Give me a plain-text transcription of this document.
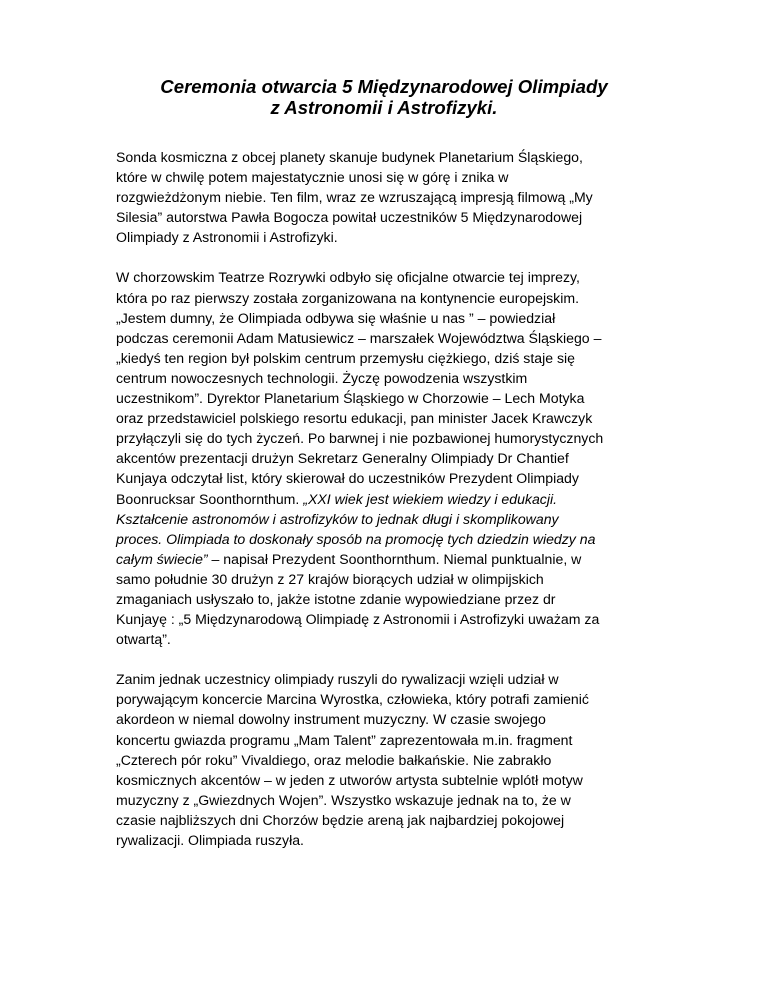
Ceremonia otwarcia 5 Międzynarodowej Olimpiady
z Astronomii i Astrofizyki.

Sonda kosmiczna z obcej planety skanuje budynek Planetarium Śląskiego,
które w chwilę potem majestatycznie unosi się w górę i znika w
rozgwieżdżonym niebie. Ten film, wraz ze wzruszającą impresją filmową „My
Silesia” autorstwa Pawła Bogocza powitał uczestników 5 Międzynarodowej
Olimpiady z Astronomii i Astrofizyki.

W chorzowskim Teatrze Rozrywki odbyło się oficjalne otwarcie tej imprezy,
która po raz pierwszy została zorganizowana na kontynencie europejskim.
„Jestem dumny, że Olimpiada odbywa się właśnie u nas ” – powiedział
podczas ceremonii Adam Matusiewicz – marszałek Województwa Śląskiego –
„kiedyś ten region był polskim centrum przemysłu ciężkiego, dziś staje się
centrum nowoczesnych technologii. Życzę powodzenia wszystkim
uczestnikom”. Dyrektor Planetarium Śląskiego w Chorzowie – Lech Motyka
oraz przedstawiciel polskiego resortu edukacji, pan minister Jacek Krawczyk
przyłączyli się do tych życzeń. Po barwnej i nie pozbawionej humorystycznych
akcentów prezentacji drużyn Sekretarz Generalny Olimpiady Dr Chantief
Kunjaya odczytał list, który skierował do uczestników Prezydent Olimpiady
Boonrucksar Soonthornthum. „XXI wiek jest wiekiem wiedzy i edukacji.
Kształcenie astronomów i astrofizyków to jednak długi i skomplikowany
proces. Olimpiada to doskonały sposób na promocję tych dziedzin wiedzy na
całym świecie” – napisał Prezydent Soonthornthum. Niemal punktualnie, w
samo południe 30 drużyn z 27 krajów biorących udział w olimpijskich
zmaganiach usłyszało to, jakże istotne zdanie wypowiedziane przez dr
Kunjayę : „5 Międzynarodową Olimpiadę z Astronomii i Astrofizyki uważam za
otwartą”.

Zanim jednak uczestnicy olimpiady ruszyli do rywalizacji wzięli udział w
porywającym koncercie Marcina Wyrostka, człowieka, który potrafi zamienić
akordeon w niemal dowolny instrument muzyczny. W czasie swojego
koncertu gwiazda programu „Mam Talent” zaprezentowała m.in. fragment
„Czterech pór roku” Vivaldiego, oraz melodie bałkańskie. Nie zabrakło
kosmicznych akcentów – w jeden z utworów artysta subtelnie wplótł motyw
muzyczny z „Gwiezdnych Wojen”. Wszystko wskazuje jednak na to, że w
czasie najbliższych dni Chorzów będzie areną jak najbardziej pokojowej
rywalizacji. Olimpiada ruszyła.
